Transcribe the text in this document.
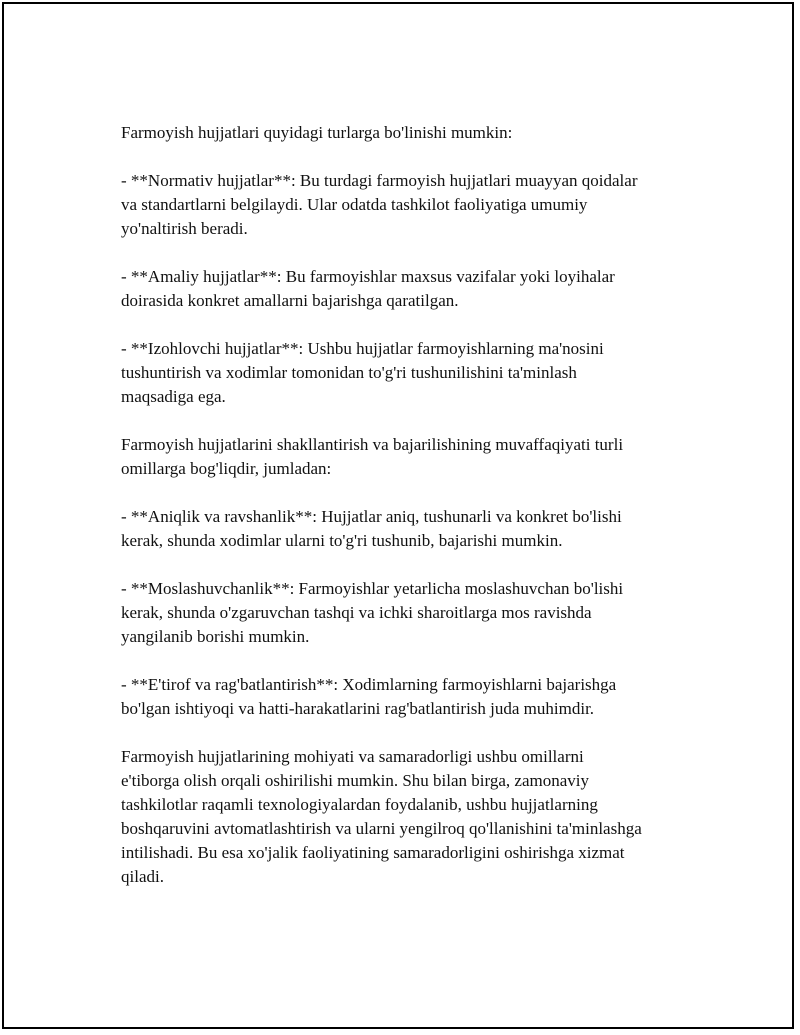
Farmoyish hujjatlari quyidagi turlarga bo'linishi mumkin:

- **Normativ hujjatlar**: Bu turdagi farmoyish hujjatlari muayyan qoidalar
va standartlarni belgilaydi. Ular odatda tashkilot faoliyatiga umumiy
yo'naltirish beradi.

- **Amaliy hujjatlar**: Bu farmoyishlar maxsus vazifalar yoki loyihalar
doirasida konkret amallarni bajarishga qaratilgan.

- **Izohlovchi hujjatlar**: Ushbu hujjatlar farmoyishlarning ma'nosini
tushuntirish va xodimlar tomonidan to'g'ri tushunilishini ta'minlash
maqsadiga ega.

Farmoyish hujjatlarini shakllantirish va bajarilishining muvaffaqiyati turli
omillarga bog'liqdir, jumladan:

- **Aniqlik va ravshanlik**: Hujjatlar aniq, tushunarli va konkret bo'lishi
kerak, shunda xodimlar ularni to'g'ri tushunib, bajarishi mumkin.

- **Moslashuvchanlik**: Farmoyishlar yetarlicha moslashuvchan bo'lishi
kerak, shunda o'zgaruvchan tashqi va ichki sharoitlarga mos ravishda
yangilanib borishi mumkin.

- **E'tirof va rag'batlantirish**: Xodimlarning farmoyishlarni bajarishga
bo'lgan ishtiyoqi va hatti-harakatlarini rag'batlantirish juda muhimdir.

Farmoyish hujjatlarining mohiyati va samaradorligi ushbu omillarni
e'tiborga olish orqali oshirilishi mumkin. Shu bilan birga, zamonaviy
tashkilotlar raqamli texnologiyalardan foydalanib, ushbu hujjatlarning
boshqaruvini avtomatlashtirish va ularni yengilroq qo'llanishini ta'minlashga
intilishadi. Bu esa xo'jalik faoliyatining samaradorligini oshirishga xizmat
qiladi.
